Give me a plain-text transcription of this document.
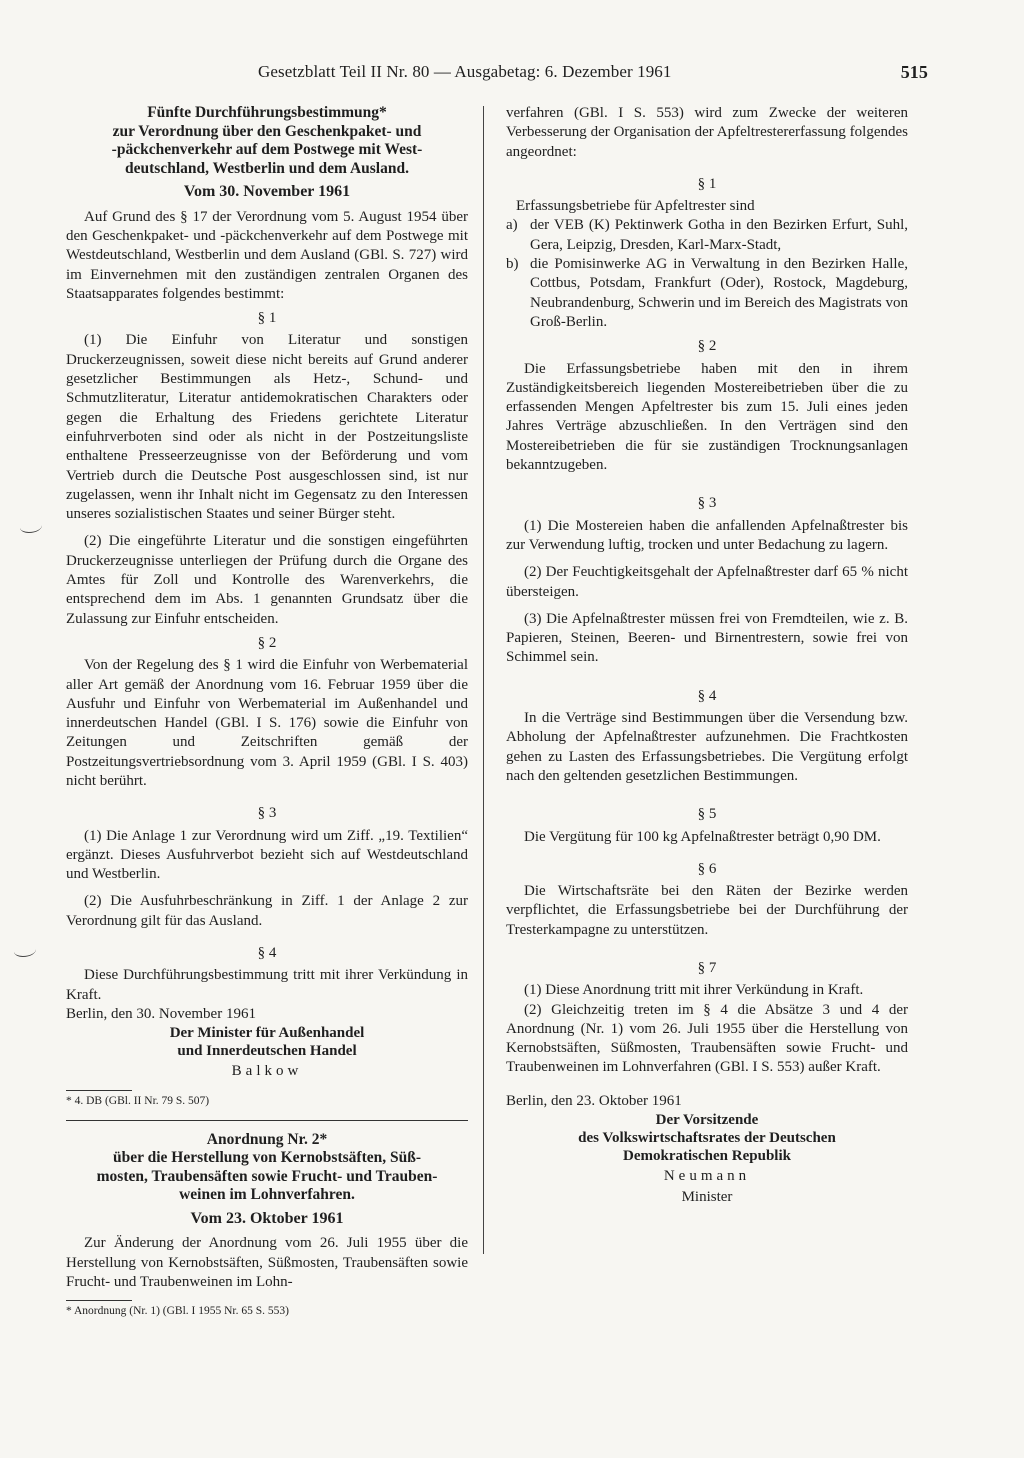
Gesetzblatt Teil II Nr. 80 — Ausgabetag: 6. Dezember 1961	515
Fünfte Durchführungsbestimmung*
zur Verordnung über den Geschenkpaket- und
-päckchenverkehr auf dem Postwege mit West-
deutschland, Westberlin und dem Ausland.
Vom 30. November 1961

Auf Grund des § 17 der Verordnung vom 5. August 1954 über den Geschenkpaket- und -päckchenverkehr auf dem Postwege mit Westdeutschland, Westberlin und dem Ausland (GBl. S. 727) wird im Einvernehmen mit den zuständigen zentralen Organen des Staatsapparates folgendes bestimmt:

§ 1

(1) Die Einfuhr von Literatur und sonstigen Druckerzeugnissen, soweit diese nicht bereits auf Grund anderer gesetzlicher Bestimmungen als Hetz-, Schund- und Schmutzliteratur, Literatur antidemokratischen Charakters oder gegen die Erhaltung des Friedens gerichtete Literatur einfuhrverboten sind oder als nicht in der Postzeitungsliste enthaltene Presseerzeugnisse von der Beförderung und vom Vertrieb durch die Deutsche Post ausgeschlossen sind, ist nur zugelassen, wenn ihr Inhalt nicht im Gegensatz zu den Interessen unseres sozialistischen Staates und seiner Bürger steht.

(2) Die eingeführte Literatur und die sonstigen eingeführten Druckerzeugnisse unterliegen der Prüfung durch die Organe des Amtes für Zoll und Kontrolle des Warenverkehrs, die entsprechend dem im Abs. 1 genannten Grundsatz über die Zulassung zur Einfuhr entscheiden.

§ 2

Von der Regelung des § 1 wird die Einfuhr von Werbematerial aller Art gemäß der Anordnung vom 16. Februar 1959 über die Ausfuhr und Einfuhr von Werbematerial im Außenhandel und innerdeutschen Handel (GBl. I S. 176) sowie die Einfuhr von Zeitungen und Zeitschriften gemäß der Postzeitungsvertriebsordnung vom 3. April 1959 (GBl. I S. 403) nicht berührt.

§ 3

(1) Die Anlage 1 zur Verordnung wird um Ziff. „19. Textilien“ ergänzt. Dieses Ausfuhrverbot bezieht sich auf Westdeutschland und Westberlin.

(2) Die Ausfuhrbeschränkung in Ziff. 1 der Anlage 2 zur Verordnung gilt für das Ausland.

§ 4

Diese Durchführungsbestimmung tritt mit ihrer Verkündung in Kraft.

Berlin, den 30. November 1961

Der Minister für Außenhandel
und Innerdeutschen Handel
Balkow

* 4. DB (GBl. II Nr. 79 S. 507)

Anordnung Nr. 2*
über die Herstellung von Kernobstsäften, Süß-
mosten, Traubensäften sowie Frucht- und Trauben-
weinen im Lohnverfahren.
Vom 23. Oktober 1961

Zur Änderung der Anordnung vom 26. Juli 1955 über die Herstellung von Kernobstsäften, Süßmosten, Traubensäften sowie Frucht- und Traubenweinen im Lohn-

* Anordnung (Nr. 1) (GBl. I 1955 Nr. 65 S. 553)

verfahren (GBl. I S. 553) wird zum Zwecke der weiteren Verbesserung der Organisation der Apfeltrestererfassung folgendes angeordnet:

§ 1

Erfassungsbetriebe für Apfeltrester sind

a) der VEB (K) Pektinwerk Gotha in den Bezirken Erfurt, Suhl, Gera, Leipzig, Dresden, Karl-Marx-Stadt,
b) die Pomisinwerke AG in Verwaltung in den Bezirken Halle, Cottbus, Potsdam, Frankfurt (Oder), Rostock, Magdeburg, Neubrandenburg, Schwerin und im Bereich des Magistrats von Groß-Berlin.
§ 2

Die Erfassungsbetriebe haben mit den in ihrem Zuständigkeitsbereich liegenden Mostereibetrieben über die zu erfassenden Mengen Apfeltrester bis zum 15. Juli eines jeden Jahres Verträge abzuschließen. In den Verträgen sind den Mostereibetrieben die für sie zuständigen Trocknungsanlagen bekanntzugeben.

§ 3

(1) Die Mostereien haben die anfallenden Apfelnaßtrester bis zur Verwendung luftig, trocken und unter Bedachung zu lagern.

(2) Der Feuchtigkeitsgehalt der Apfelnaßtrester darf 65 % nicht übersteigen.

(3) Die Apfelnaßtrester müssen frei von Fremdteilen, wie z. B. Papieren, Steinen, Beeren- und Birnentrestern, sowie frei von Schimmel sein.

§ 4

In die Verträge sind Bestimmungen über die Versendung bzw. Abholung der Apfelnaßtrester aufzunehmen. Die Frachtkosten gehen zu Lasten des Erfassungsbetriebes. Die Vergütung erfolgt nach den geltenden gesetzlichen Bestimmungen.

§ 5

Die Vergütung für 100 kg Apfelnaßtrester beträgt 0,90 DM.

§ 6

Die Wirtschaftsräte bei den Räten der Bezirke werden verpflichtet, die Erfassungsbetriebe bei der Durchführung der Tresterkampagne zu unterstützen.

§ 7

(1) Diese Anordnung tritt mit ihrer Verkündung in Kraft.

(2) Gleichzeitig treten im § 4 die Absätze 3 und 4 der Anordnung (Nr. 1) vom 26. Juli 1955 über die Herstellung von Kernobstsäften, Süßmosten, Traubensäften sowie Frucht- und Traubenweinen im Lohnverfahren (GBl. I S. 553) außer Kraft.

Berlin, den 23. Oktober 1961

Der Vorsitzende
des Volkswirtschaftsrates der Deutschen
Demokratischen Republik
Neumann
Minister
